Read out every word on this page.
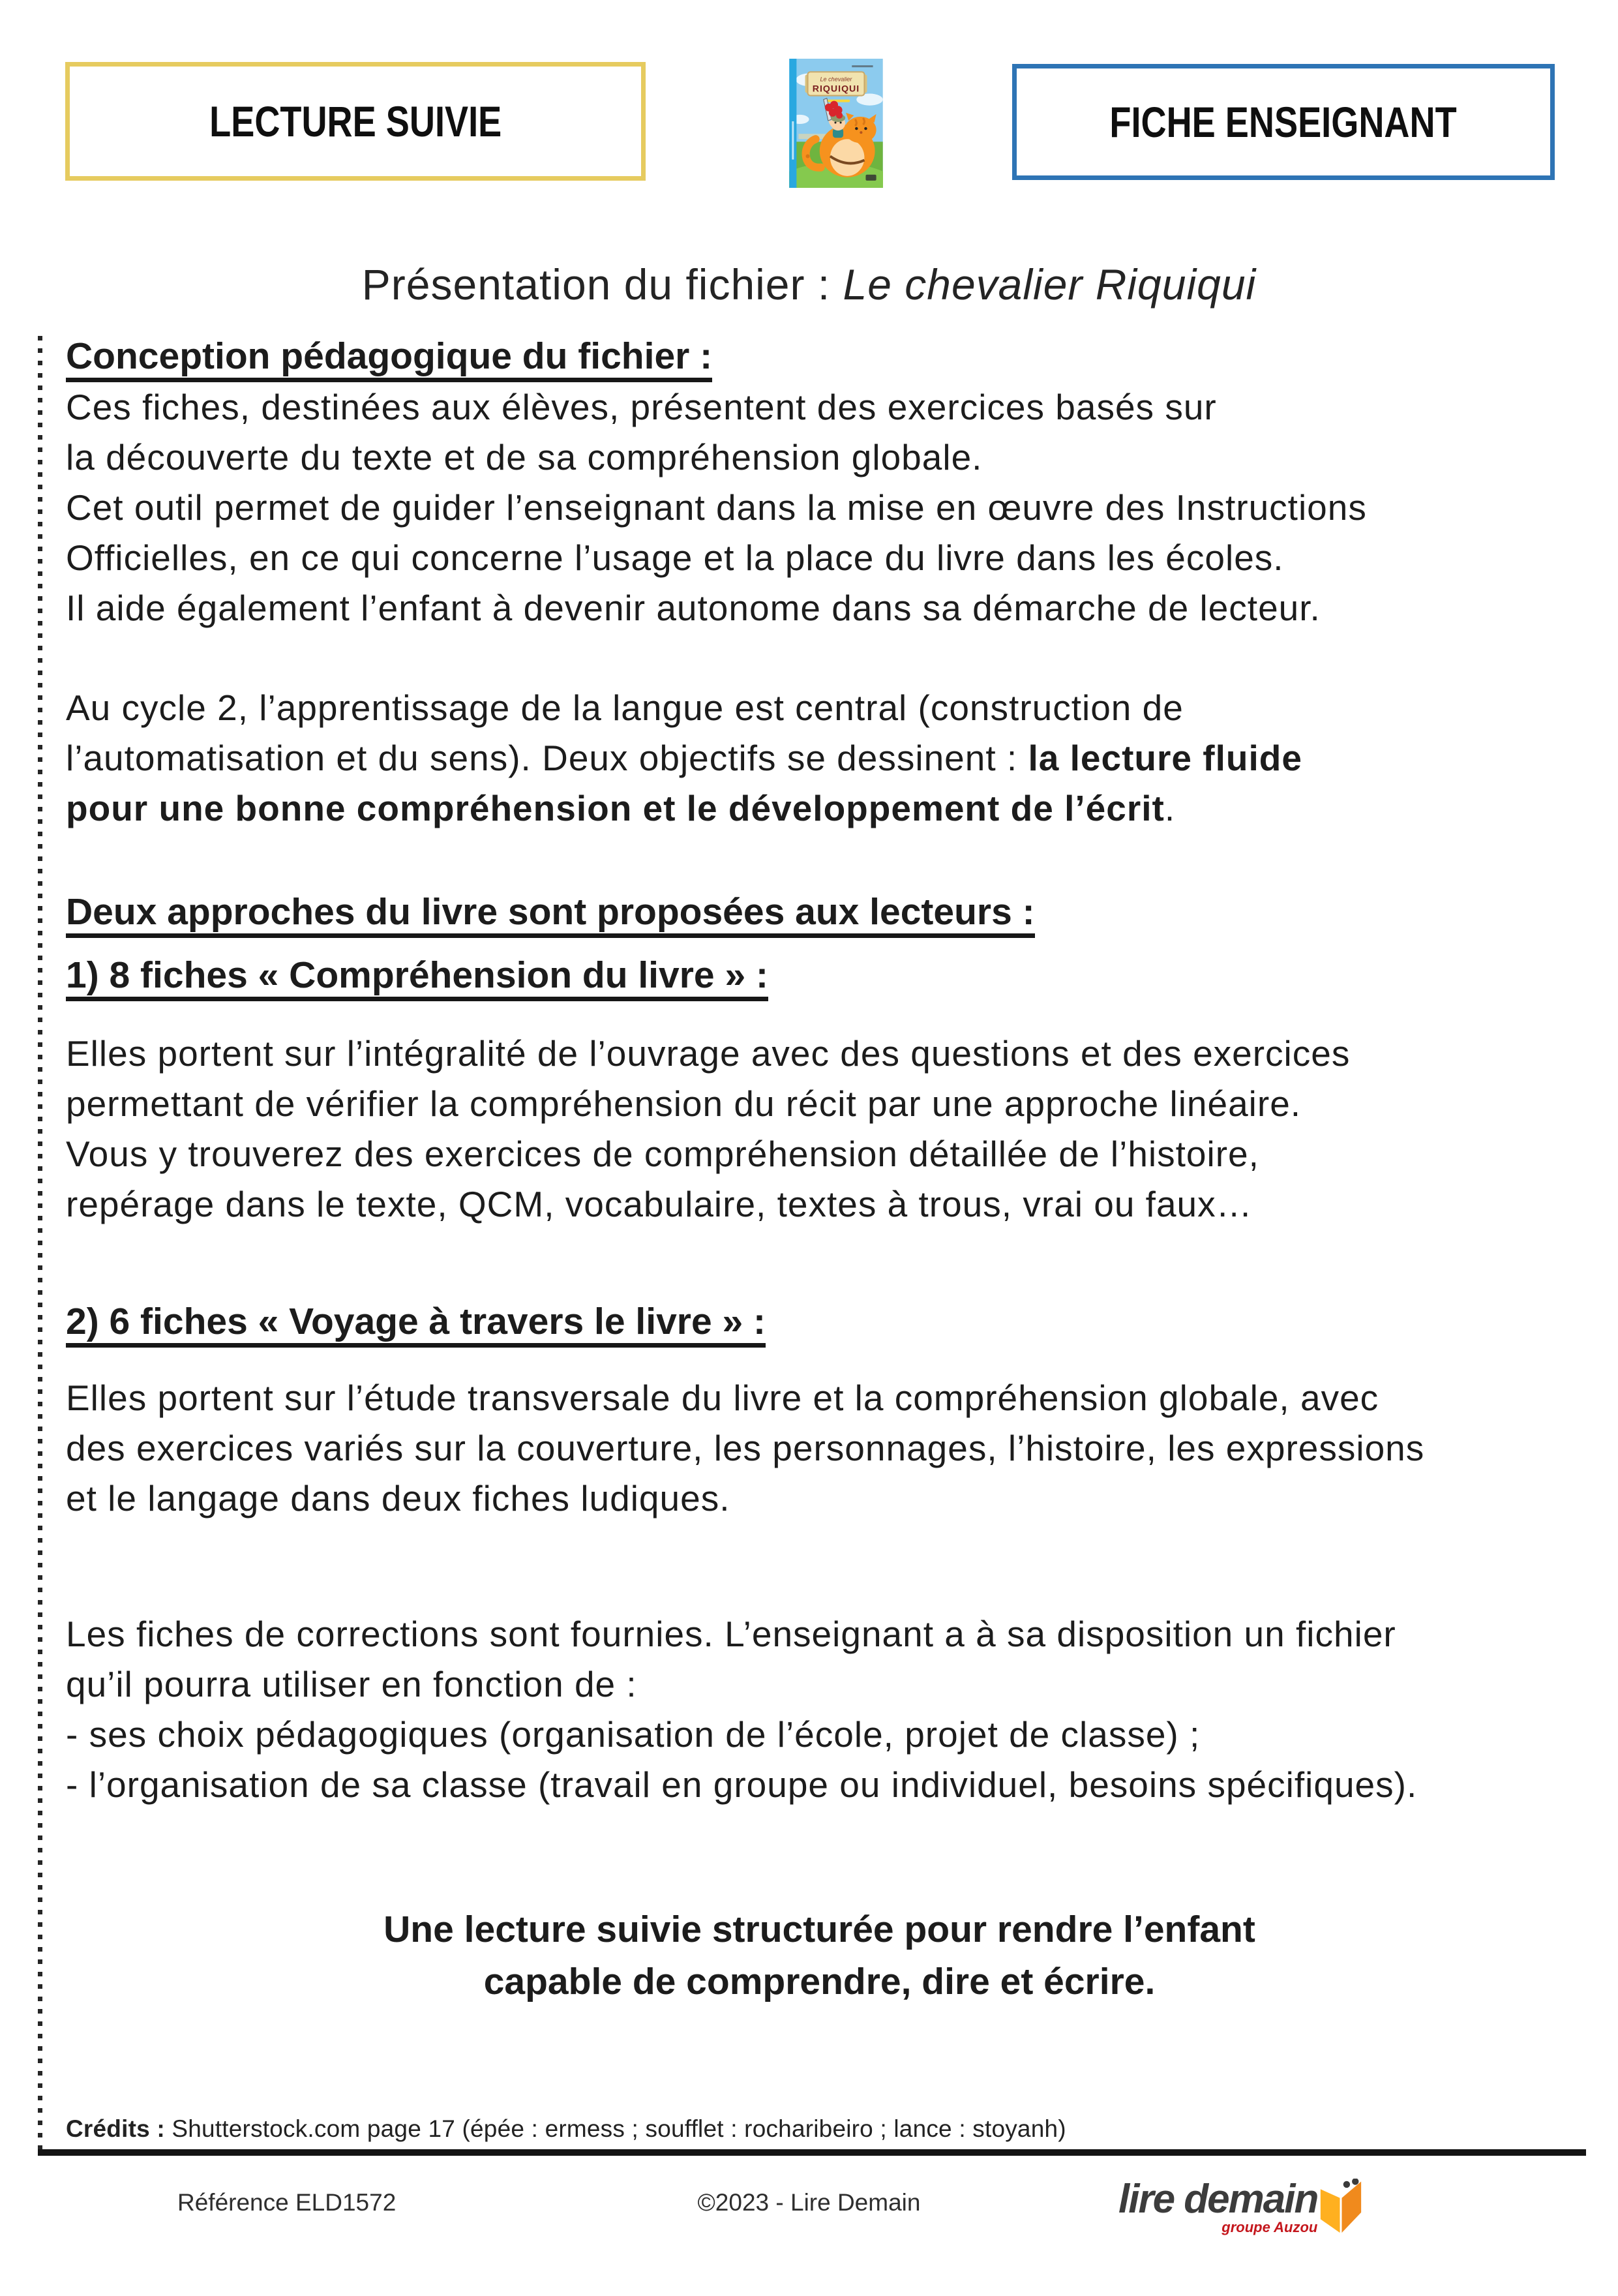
LECTURE SUIVIE
Le chevalier
RIQUIQUI
FICHE ENSEIGNANT
Présentation du fichier : Le chevalier Riquiqui
Conception pédagogique du fichier :

Ces fiches, destinées aux élèves, présentent des exercices basés sur
la découverte du texte et de sa compréhension globale.

Cet outil permet de guider l’enseignant dans la mise en œuvre des Instructions
Officielles, en ce qui concerne l’usage et la place du livre dans les écoles.
Il aide également l’enfant à devenir autonome dans sa démarche de lecteur.

Au cycle 2, l’apprentissage de la langue est central (construction de
l’automatisation et du sens). Deux objectifs se dessinent : la lecture fluide
pour une bonne compréhension et le développement de l’écrit.

Deux approches du livre sont proposées aux lecteurs :
1) 8 fiches « Compréhension du livre » :

Elles portent sur l’intégralité de l’ouvrage avec des questions et des exercices
permettant de vérifier la compréhension du récit par une approche linéaire.
Vous y trouverez des exercices de compréhension détaillée de l’histoire,
repérage dans le texte, QCM, vocabulaire, textes à trous, vrai ou faux…

2) 6 fiches « Voyage à travers le livre » :

Elles portent sur l’étude transversale du livre et la compréhension globale, avec
des exercices variés sur la couverture, les personnages, l’histoire, les expressions
et le langage dans deux fiches ludiques.

Les fiches de corrections sont fournies. L’enseignant a à sa disposition un fichier
qu’il pourra utiliser en fonction de :
- ses choix pédagogiques (organisation de l’école, projet de classe) ;
- l’organisation de sa classe (travail en groupe ou individuel, besoins spécifiques).

Une lecture suivie structurée pour rendre l’enfant
capable de comprendre, dire et écrire.

Crédits : Shutterstock.com page 17 (épée : ermess ; soufflet : rocharibeiro ; lance : stoyanh)

Référence ELD1572	©2023 - Lire Demain	lire demain
groupe Auzou
